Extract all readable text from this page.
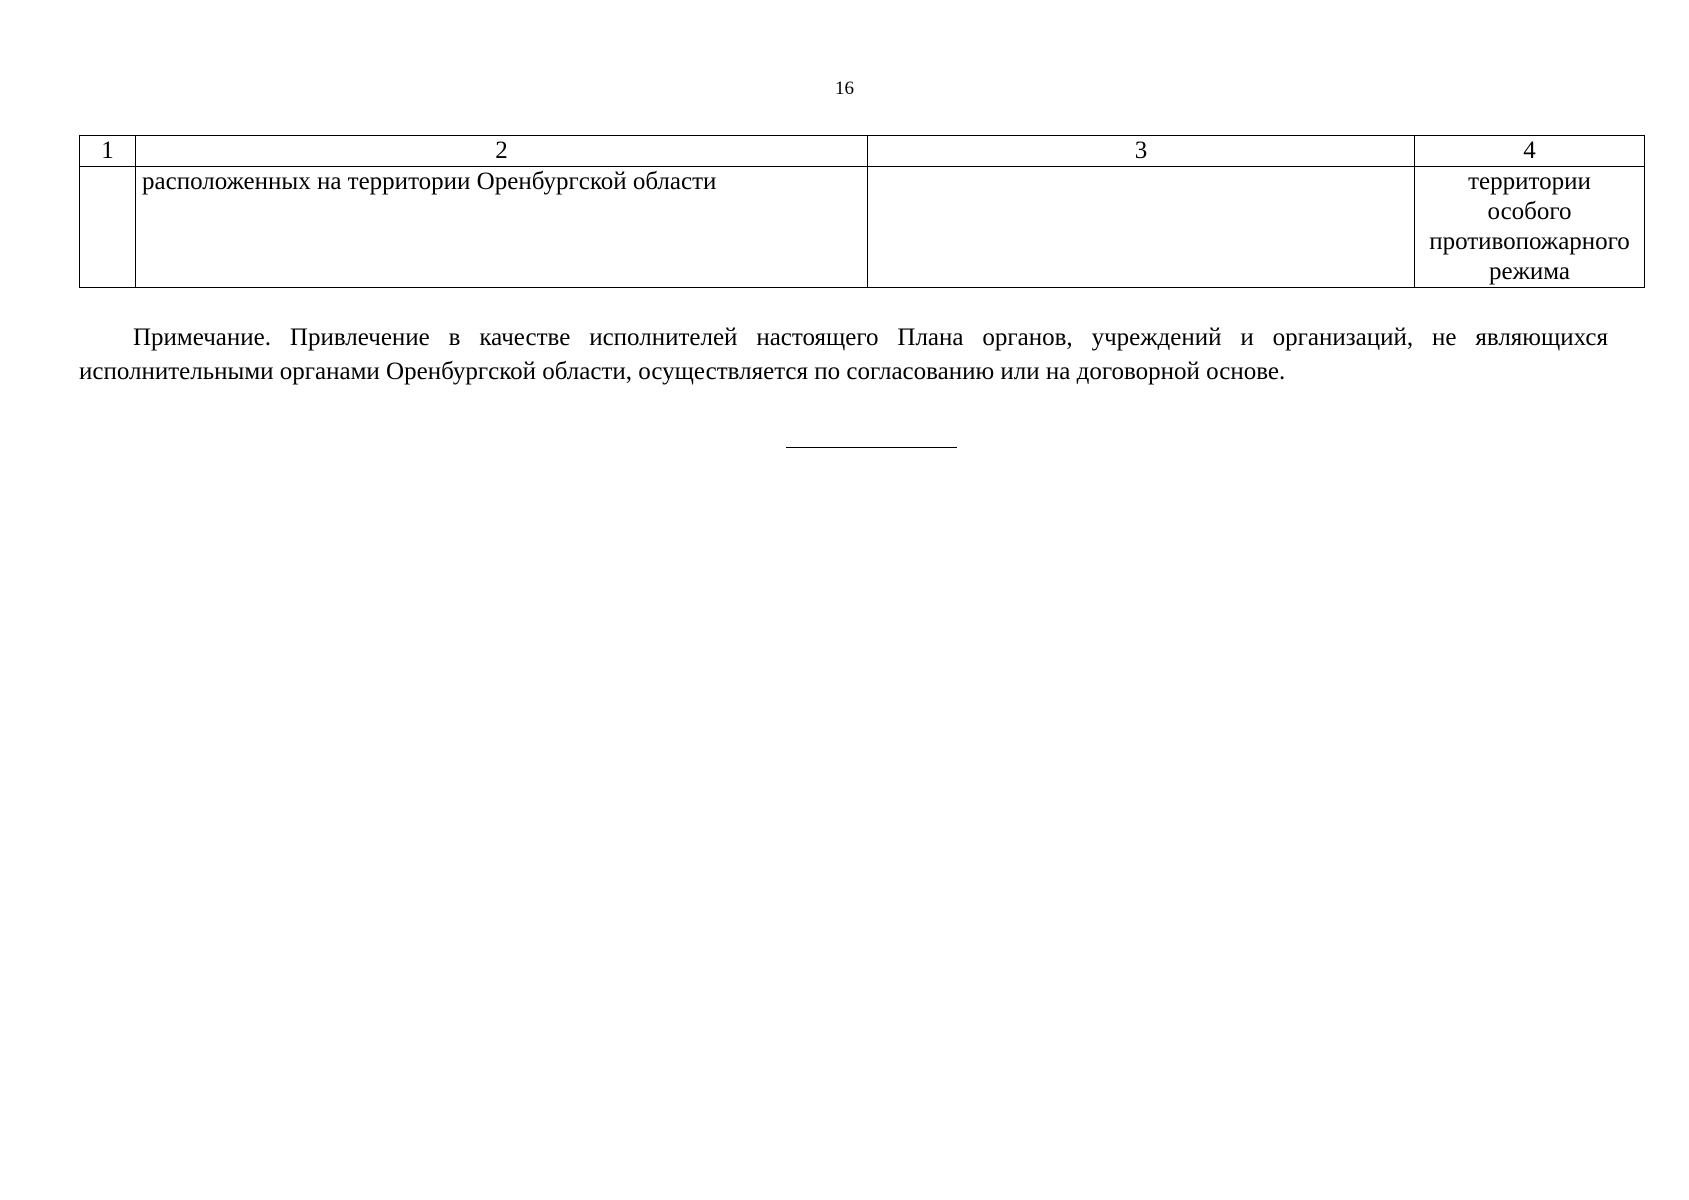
16
1	2	3	4
	расположенных на территории Оренбургской области		территории
особого
противопожарного
режима

Примечание. Привлечение в качестве исполнителей настоящего Плана органов, учреждений и организаций, не являющихся исполнительными органами Оренбургской области, осуществляется по согласованию или на договорной основе.
